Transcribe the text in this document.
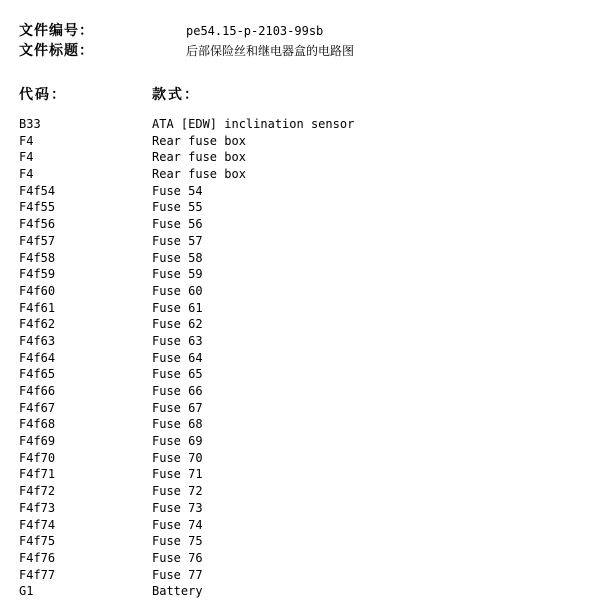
文件编号：	pe54.15-p-2103-99sb
文件标题：	后部保险丝和继电器盒的电路图
代码：	款式：
B33	ATA [EDW] inclination sensor
F4	Rear fuse box
F4	Rear fuse box
F4	Rear fuse box
F4f54	Fuse 54
F4f55	Fuse 55
F4f56	Fuse 56
F4f57	Fuse 57
F4f58	Fuse 58
F4f59	Fuse 59
F4f60	Fuse 60
F4f61	Fuse 61
F4f62	Fuse 62
F4f63	Fuse 63
F4f64	Fuse 64
F4f65	Fuse 65
F4f66	Fuse 66
F4f67	Fuse 67
F4f68	Fuse 68
F4f69	Fuse 69
F4f70	Fuse 70
F4f71	Fuse 71
F4f72	Fuse 72
F4f73	Fuse 73
F4f74	Fuse 74
F4f75	Fuse 75
F4f76	Fuse 76
F4f77	Fuse 77
G1	Battery
